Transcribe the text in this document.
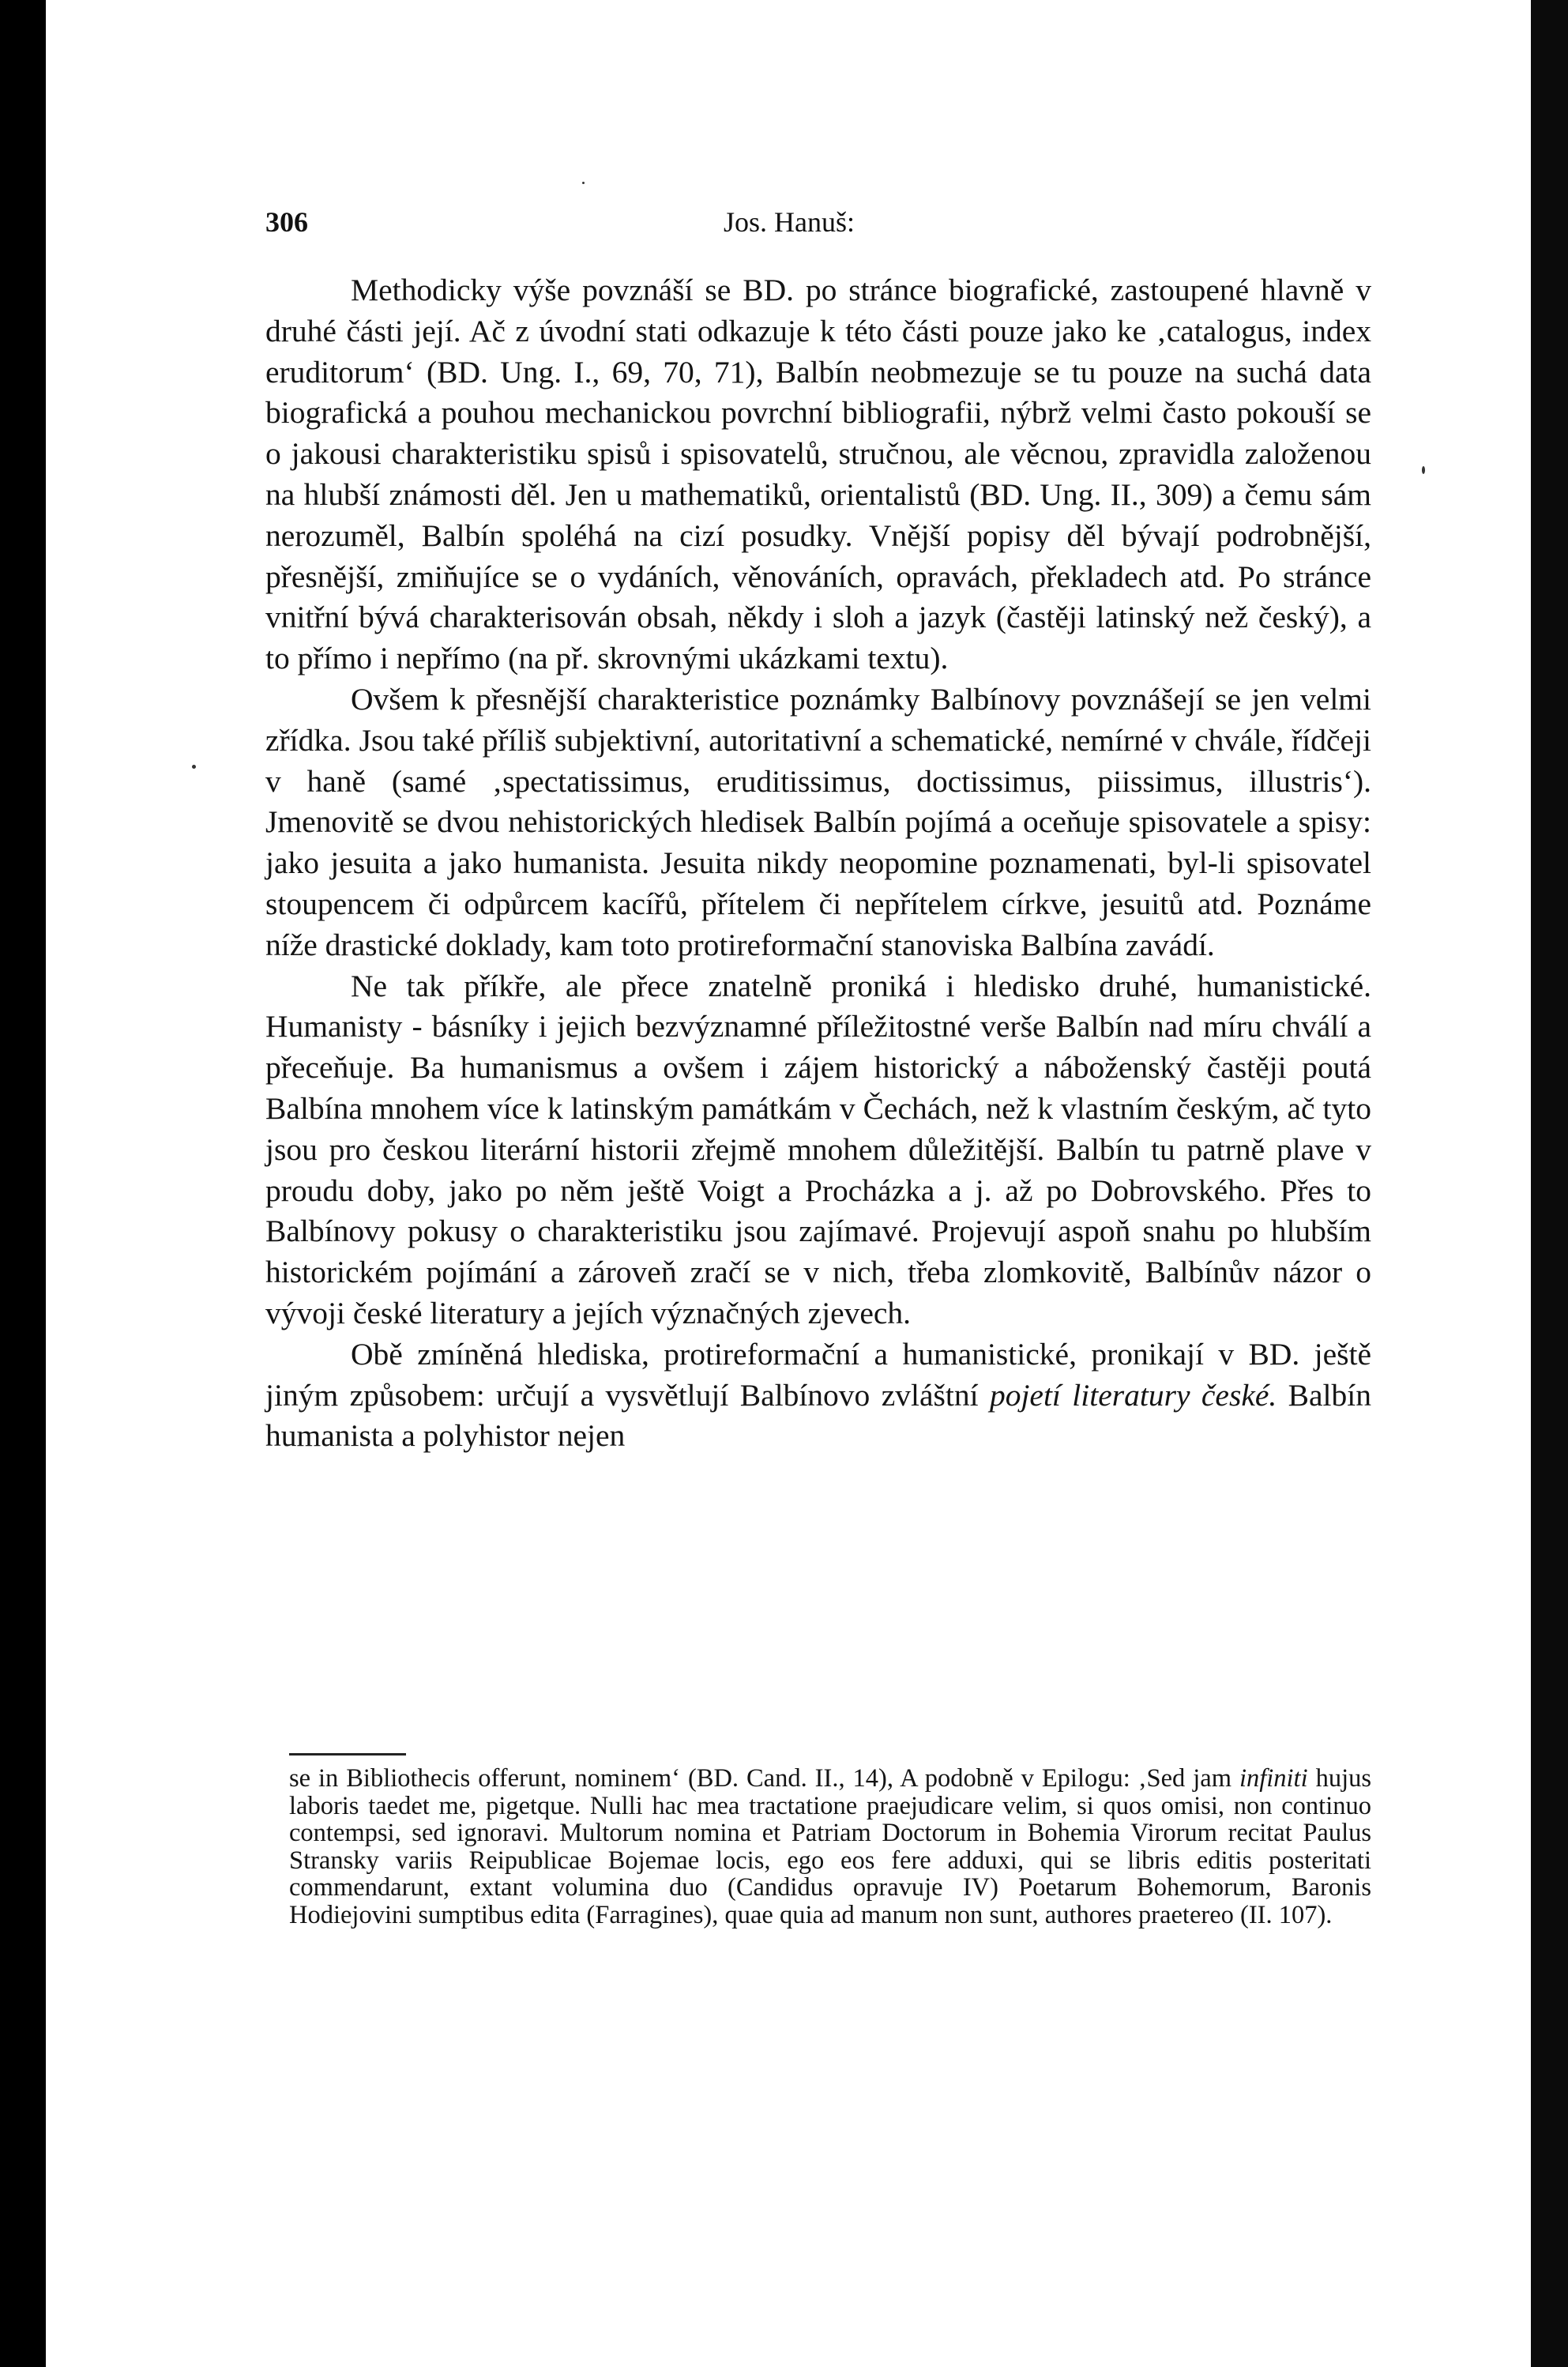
306	Jos. Hanuš:

Methodicky výše povznáší se BD. po stránce biografické, zastoupené hlavně v druhé části její. Ač z úvodní stati odkazuje k této části pouze jako ke ‚catalogus, index eruditorum‘ (BD. Ung. I., 69, 70, 71), Balbín neobmezuje se tu pouze na suchá data biografická a pouhou mechanickou povrchní bibliografii, nýbrž velmi často pokouší se o jakousi charakteristiku spisů i spisovatelů, stručnou, ale věcnou, zpravidla založenou na hlubší známosti děl. Jen u mathematiků, orientalistů (BD. Ung. II., 309) a čemu sám nerozuměl, Balbín spoléhá na cizí posudky. Vnější popisy děl bývají podrobnější, přesnější, zmiňujíce se o vydáních, věnováních, opravách, překladech atd. Po stránce vnitřní bývá charakterisován obsah, někdy i sloh a jazyk (častěji latinský než český), a to přímo i nepřímo (na př. skrovnými ukázkami textu).

Ovšem k přesnější charakteristice poznámky Balbínovy povznášejí se jen velmi zřídka. Jsou také příliš subjektivní, autoritativní a schematické, nemírné v chvále, řídčeji v haně (samé ‚spectatissimus, eruditissimus, doctissimus, piissimus, illustris‘). Jmenovitě se dvou nehistorických hledisek Balbín pojímá a oceňuje spisovatele a spisy: jako jesuita a jako humanista. Jesuita nikdy neopomine poznamenati, byl-li spisovatel stoupencem či odpůrcem kacířů, přítelem či nepřítelem církve, jesuitů atd. Poznáme níže drastické doklady, kam toto protireformační stanoviska Balbína zavádí.

Ne tak příkře, ale přece znatelně proniká i hledisko druhé, humanistické. Humanisty - básníky i jejich bezvýznamné příležitostné verše Balbín nad míru chválí a přeceňuje. Ba humanismus a ovšem i zájem historický a náboženský častěji poutá Balbína mnohem více k latinským památkám v Čechách, než k vlastním českým, ač tyto jsou pro českou literární historii zřejmě mnohem důležitější. Balbín tu patrně plave v proudu doby, jako po něm ještě Voigt a Procházka a j. až po Dobrovského. Přes to Balbínovy pokusy o charakteristiku jsou zajímavé. Projevují aspoň snahu po hlubším historickém pojímání a zároveň zračí se v nich, třeba zlomkovitě, Balbínův názor o vývoji české literatury a jejích význačných zjevech.

Obě zmíněná hlediska, protireformační a humanistické, pronikají v BD. ještě jiným způsobem: určují a vysvětlují Balbínovo zvláštní pojetí literatury české. Balbín humanista a polyhistor nejen

se in Bibliothecis offerunt, nominem‘ (BD. Cand. II., 14), A podobně v Epilogu: ‚Sed jam infiniti hujus laboris taedet me, pigetque. Nulli hac mea tractatione praejudicare velim, si quos omisi, non continuo contempsi, sed ignoravi. Multorum nomina et Patriam Doctorum in Bohemia Virorum recitat Paulus Stransky variis Reipublicae Bojemae locis, ego eos fere adduxi, qui se libris editis posteritati commendarunt, extant volumina duo (Candidus opravuje IV) Poetarum Bohemorum, Baronis Hodiejovini sumptibus edita (Farragines), quae quia ad manum non sunt, authores praetereo (II. 107).
